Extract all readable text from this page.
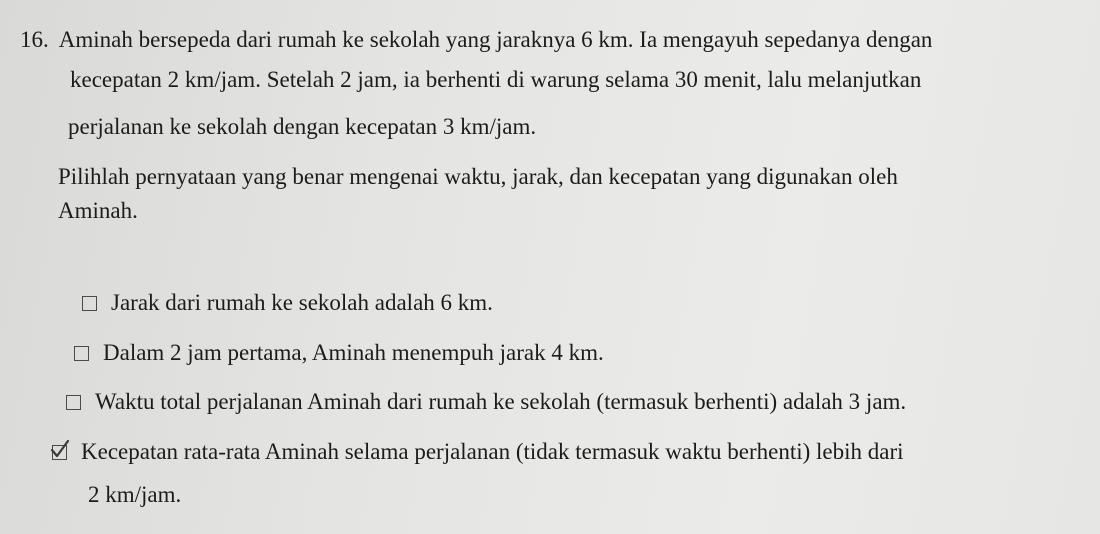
16. Aminah bersepeda dari rumah ke sekolah yang jaraknya 6 km. Ia mengayuh sepedanya dengan
kecepatan 2 km/jam. Setelah 2 jam, ia berhenti di warung selama 30 menit, lalu melanjutkan
perjalanan ke sekolah dengan kecepatan 3 km/jam.
Pilihlah pernyataan yang benar mengenai waktu, jarak, dan kecepatan yang digunakan oleh
Aminah.
Jarak dari rumah ke sekolah adalah 6 km.
Dalam 2 jam pertama, Aminah menempuh jarak 4 km.
Waktu total perjalanan Aminah dari rumah ke sekolah (termasuk berhenti) adalah 3 jam.
Kecepatan rata-rata Aminah selama perjalanan (tidak termasuk waktu berhenti) lebih dari
2 km/jam.
